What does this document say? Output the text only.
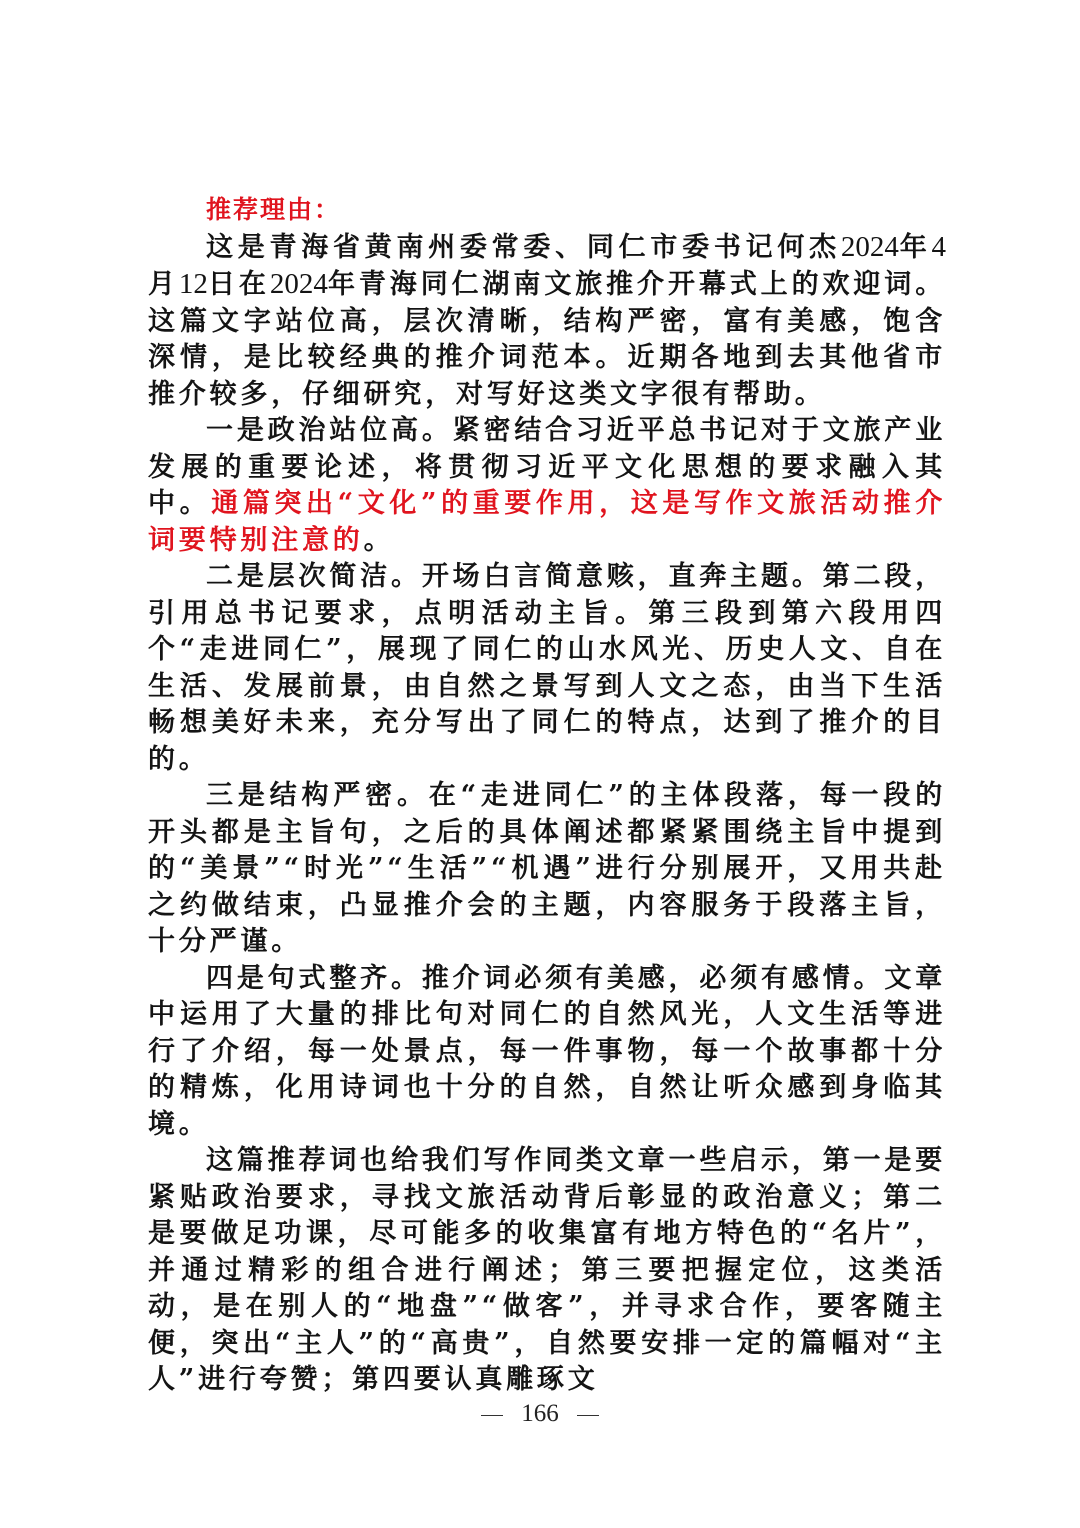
推荐理由：

这是青海省黄南州委常委、同仁市委书记何杰2024年4月12日在2024年青海同仁湖南文旅推介开幕式上的欢迎词。这篇文字站位高，层次清晰，结构严密，富有美感，饱含深情，是比较经典的推介词范本。近期各地到去其他省市推介较多，仔细研究，对写好这类文字很有帮助。

一是政治站位高。紧密结合习近平总书记对于文旅产业发展的重要论述，将贯彻习近平文化思想的要求融入其中。通篇突出“文化”的重要作用，这是写作文旅活动推介词要特别注意的。

二是层次简洁。开场白言简意赅，直奔主题。第二段，引用总书记要求，点明活动主旨。第三段到第六段用四个“走进同仁”，展现了同仁的山水风光、历史人文、自在生活、发展前景，由自然之景写到人文之态，由当下生活畅想美好未来，充分写出了同仁的特点，达到了推介的目的。

三是结构严密。在“走进同仁”的主体段落，每一段的开头都是主旨句，之后的具体阐述都紧紧围绕主旨中提到的“美景”“时光”“生活”“机遇”进行分别展开，又用共赴之约做结束，凸显推介会的主题，内容服务于段落主旨，十分严谨。

四是句式整齐。推介词必须有美感，必须有感情。文章中运用了大量的排比句对同仁的自然风光，人文生活等进行了介绍，每一处景点，每一件事物，每一个故事都十分的精炼，化用诗词也十分的自然，自然让听众感到身临其境。

这篇推荐词也给我们写作同类文章一些启示，第一是要紧贴政治要求，寻找文旅活动背后彰显的政治意义；第二是要做足功课，尽可能多的收集富有地方特色的“名片”，并通过精彩的组合进行阐述；第三要把握定位，这类活动，是在别人的“地盘”“做客”，并寻求合作，要客随主便，突出“主人”的“高贵”，自然要安排一定的篇幅对“主人”进行夸赞；第四要认真雕琢文

166
